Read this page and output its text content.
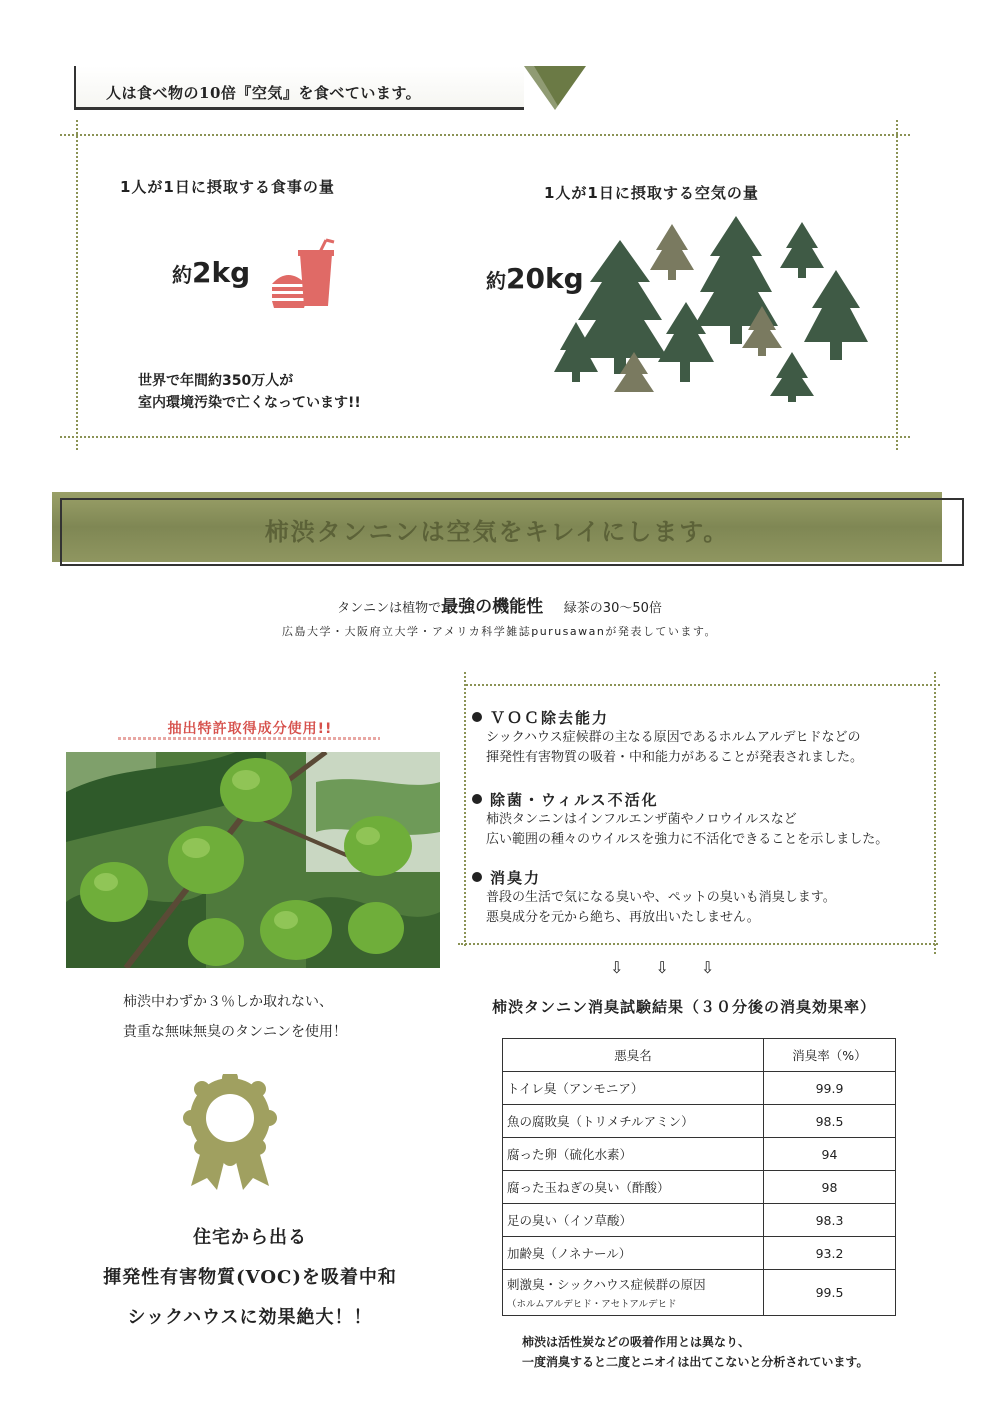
人は食べ物の10倍『空気』を食べています。
1人が1日に摂取する食事の量
約2kg
1人が1日に摂取する空気の量
約20kg
世界で年間約350万人が
室内環境汚染で亡くなっています!!
柿渋タンニンは空気をキレイにします。
タンニンは植物で最強の機能性 緑茶の30～50倍
広島大学・大阪府立大学・アメリカ科学雑誌purusawanが発表しています。
抽出特許取得成分使用!!
柿渋中わずか３％しか取れない、
貴重な無味無臭のタンニンを使用！
住宅から出る
揮発性有害物質(VOC)を吸着中和
シックハウスに効果絶大！！
ＶＯＣ除去能力

シックハウス症候群の主なる原因であるホルムアルデヒドなどの

揮発性有害物質の吸着・中和能力があることが発表されました。

除菌・ウィルス不活化

柿渋タンニンはインフルエンザ菌やノロウイルスなど

広い範囲の種々のウイルスを強力に不活化できることを示しました。

消臭力

普段の生活で気になる臭いや、ペットの臭いも消臭します。

悪臭成分を元から絶ち、再放出いたしません。

⇩⇩⇩
柿渋タンニン消臭試験結果（３０分後の消臭効果率）
悪臭名	消臭率（%）
トイレ臭（アンモニア）	99.9
魚の腐敗臭（トリメチルアミン）	98.5
腐った卵（硫化水素）	94
腐った玉ねぎの臭い（酢酸）	98
足の臭い（イソ草酸）	98.3
加齢臭（ノネナール）	93.2
刺激臭・シックハウス症候群の原因
（ホルムアルデヒド・アセトアルデヒド	99.5
柿渋は活性炭などの吸着作用とは異なり、
一度消臭すると二度とニオイは出てこないと分析されています。
